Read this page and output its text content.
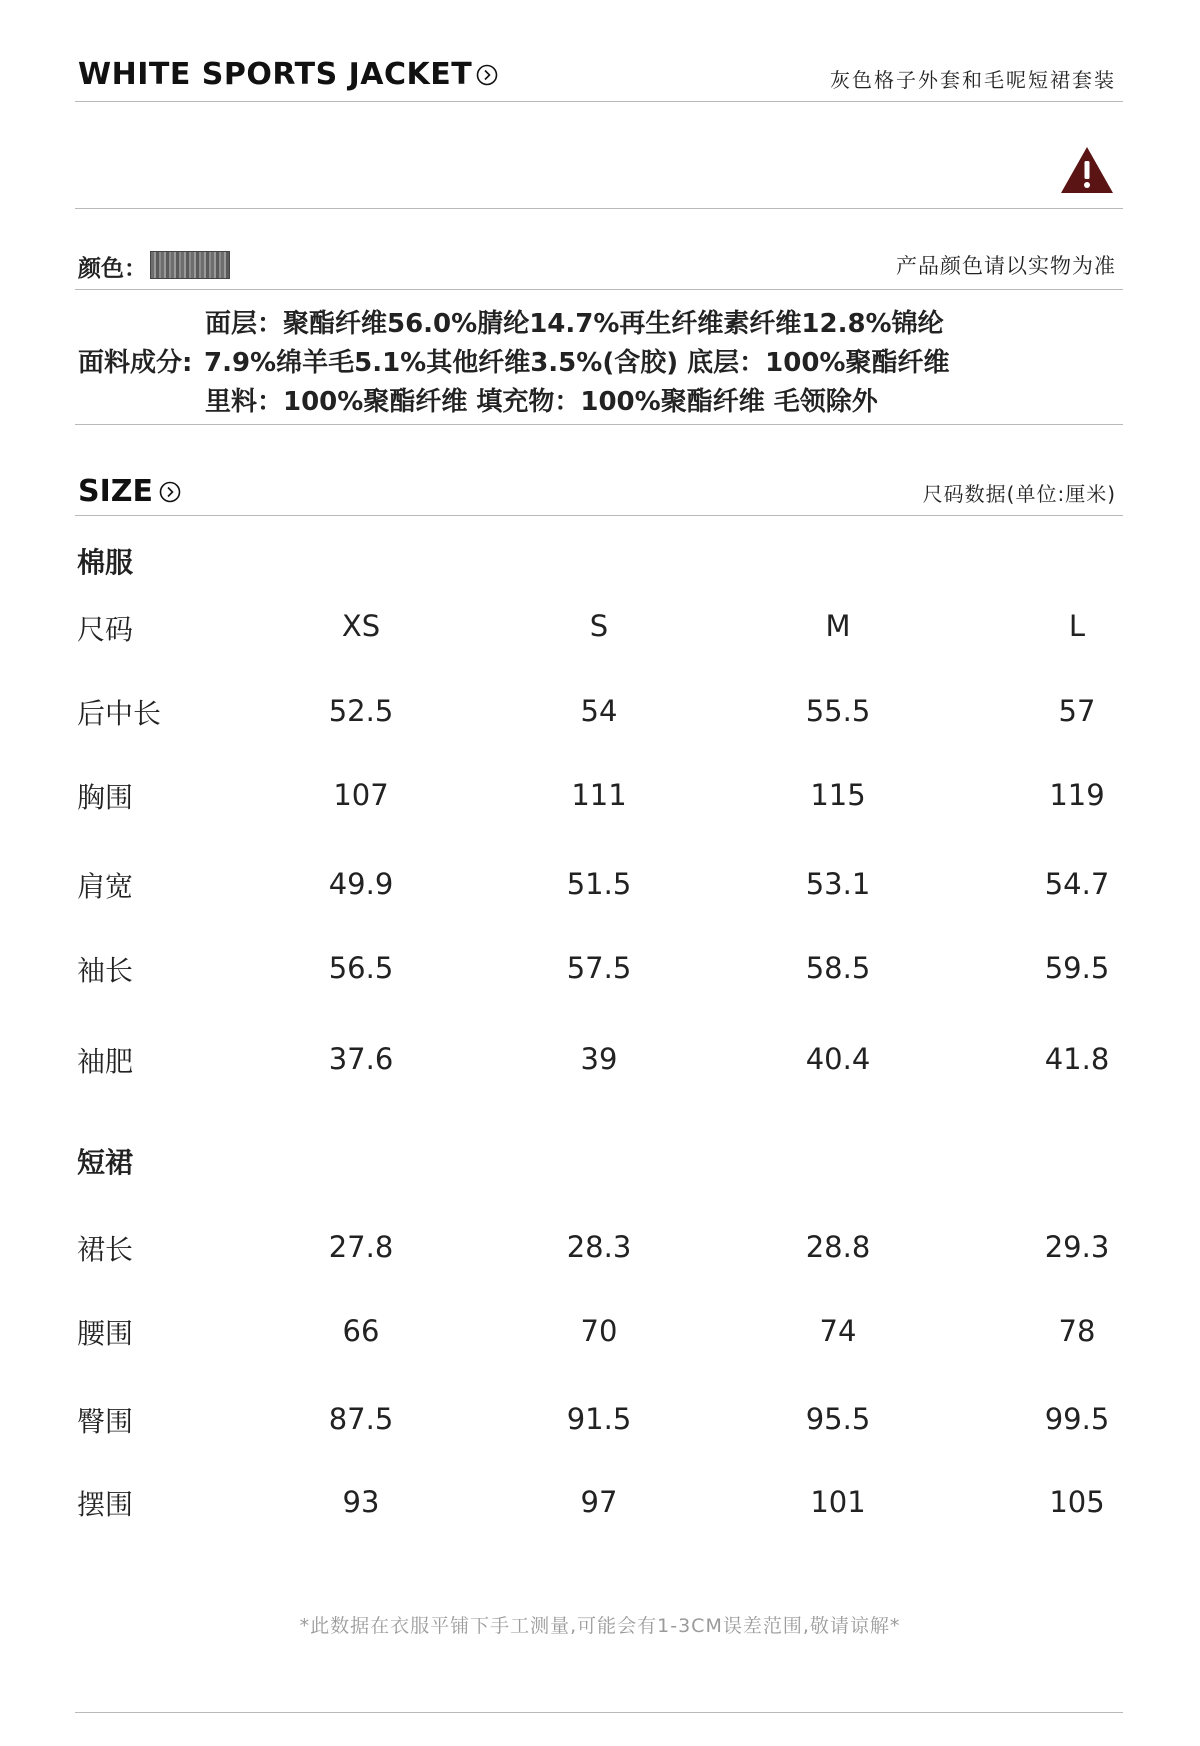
WHITE SPORTS JACKET	灰色格子外套和毛呢短裙套装
颜色：	产品颜色请以实物为准
面料成分:
面层：聚酯纤维56.0%腈纶14.7%再生纤维素纤维12.8%锦纶
7.9%绵羊毛5.1%其他纤维3.5%(含胶) 底层：100%聚酯纤维
里料：100%聚酯纤维 填充物：100%聚酯纤维 毛领除外
SIZE	尺码数据(单位:厘米)
棉服
尺码	XS	S	M	L
后中长	52.5	54	55.5	57
胸围	107	111	115	119
肩宽	49.9	51.5	53.1	54.7
袖长	56.5	57.5	58.5	59.5
袖肥	37.6	39	40.4	41.8
短裙
裙长	27.8	28.3	28.8	29.3
腰围	66	70	74	78
臀围	87.5	91.5	95.5	99.5
摆围	93	97	101	105
*此数据在衣服平铺下手工测量,可能会有1-3CM误差范围,敬请谅解*
